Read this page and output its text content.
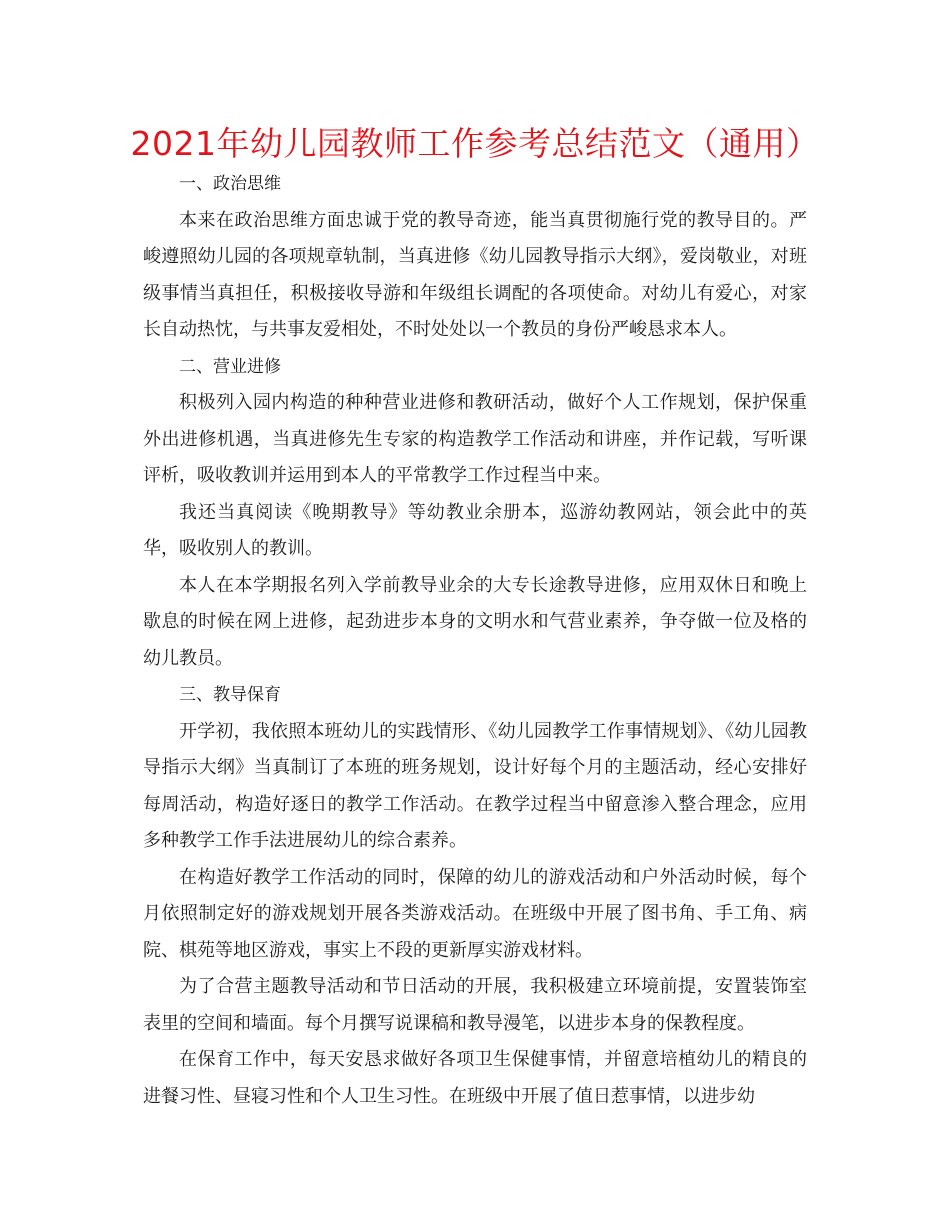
2021年幼儿园教师工作参考总结范文（通用）

一、政治思维

本来在政治思维方面忠诚于党的教导奇迹，能当真贯彻施行党的教导目的。严峻遵照幼儿园的各项规章轨制，当真进修《幼儿园教导指示大纲》，爱岗敬业，对班级事情当真担任，积极接收导游和年级组长调配的各项使命。对幼儿有爱心，对家长自动热忱，与共事友爱相处，不时处处以一个教员的身份严峻恳求本人。

二、营业进修

积极列入园内构造的种种营业进修和教研活动，做好个人工作规划，保护保重外出进修机遇，当真进修先生专家的构造教学工作活动和讲座，并作记载，写听课评析，吸收教训并运用到本人的平常教学工作过程当中来。

我还当真阅读《晚期教导》等幼教业余册本，巡游幼教网站，领会此中的英华，吸收别人的教训。

本人在本学期报名列入学前教导业余的大专长途教导进修，应用双休日和晚上歇息的时候在网上进修，起劲进步本身的文明水和气营业素养，争夺做一位及格的幼儿教员。

三、教导保育

开学初，我依照本班幼儿的实践情形、《幼儿园教学工作事情规划》、《幼儿园教导指示大纲》当真制订了本班的班务规划，设计好每个月的主题活动，经心安排好每周活动，构造好逐日的教学工作活动。在教学过程当中留意渗入整合理念，应用多种教学工作手法进展幼儿的综合素养。

在构造好教学工作活动的同时，保障的幼儿的游戏活动和户外活动时候，每个月依照制定好的游戏规划开展各类游戏活动。在班级中开展了图书角、手工角、病院、棋苑等地区游戏，事实上不段的更新厚实游戏材料。

为了合营主题教导活动和节日活动的开展，我积极建立环境前提，安置装饰室表里的空间和墙面。每个月撰写说课稿和教导漫笔，以进步本身的保教程度。

在保育工作中，每天安恳求做好各项卫生保健事情，并留意培植幼儿的精良的进餐习性、昼寝习性和个人卫生习性。在班级中开展了值日惹事情，以进步幼
